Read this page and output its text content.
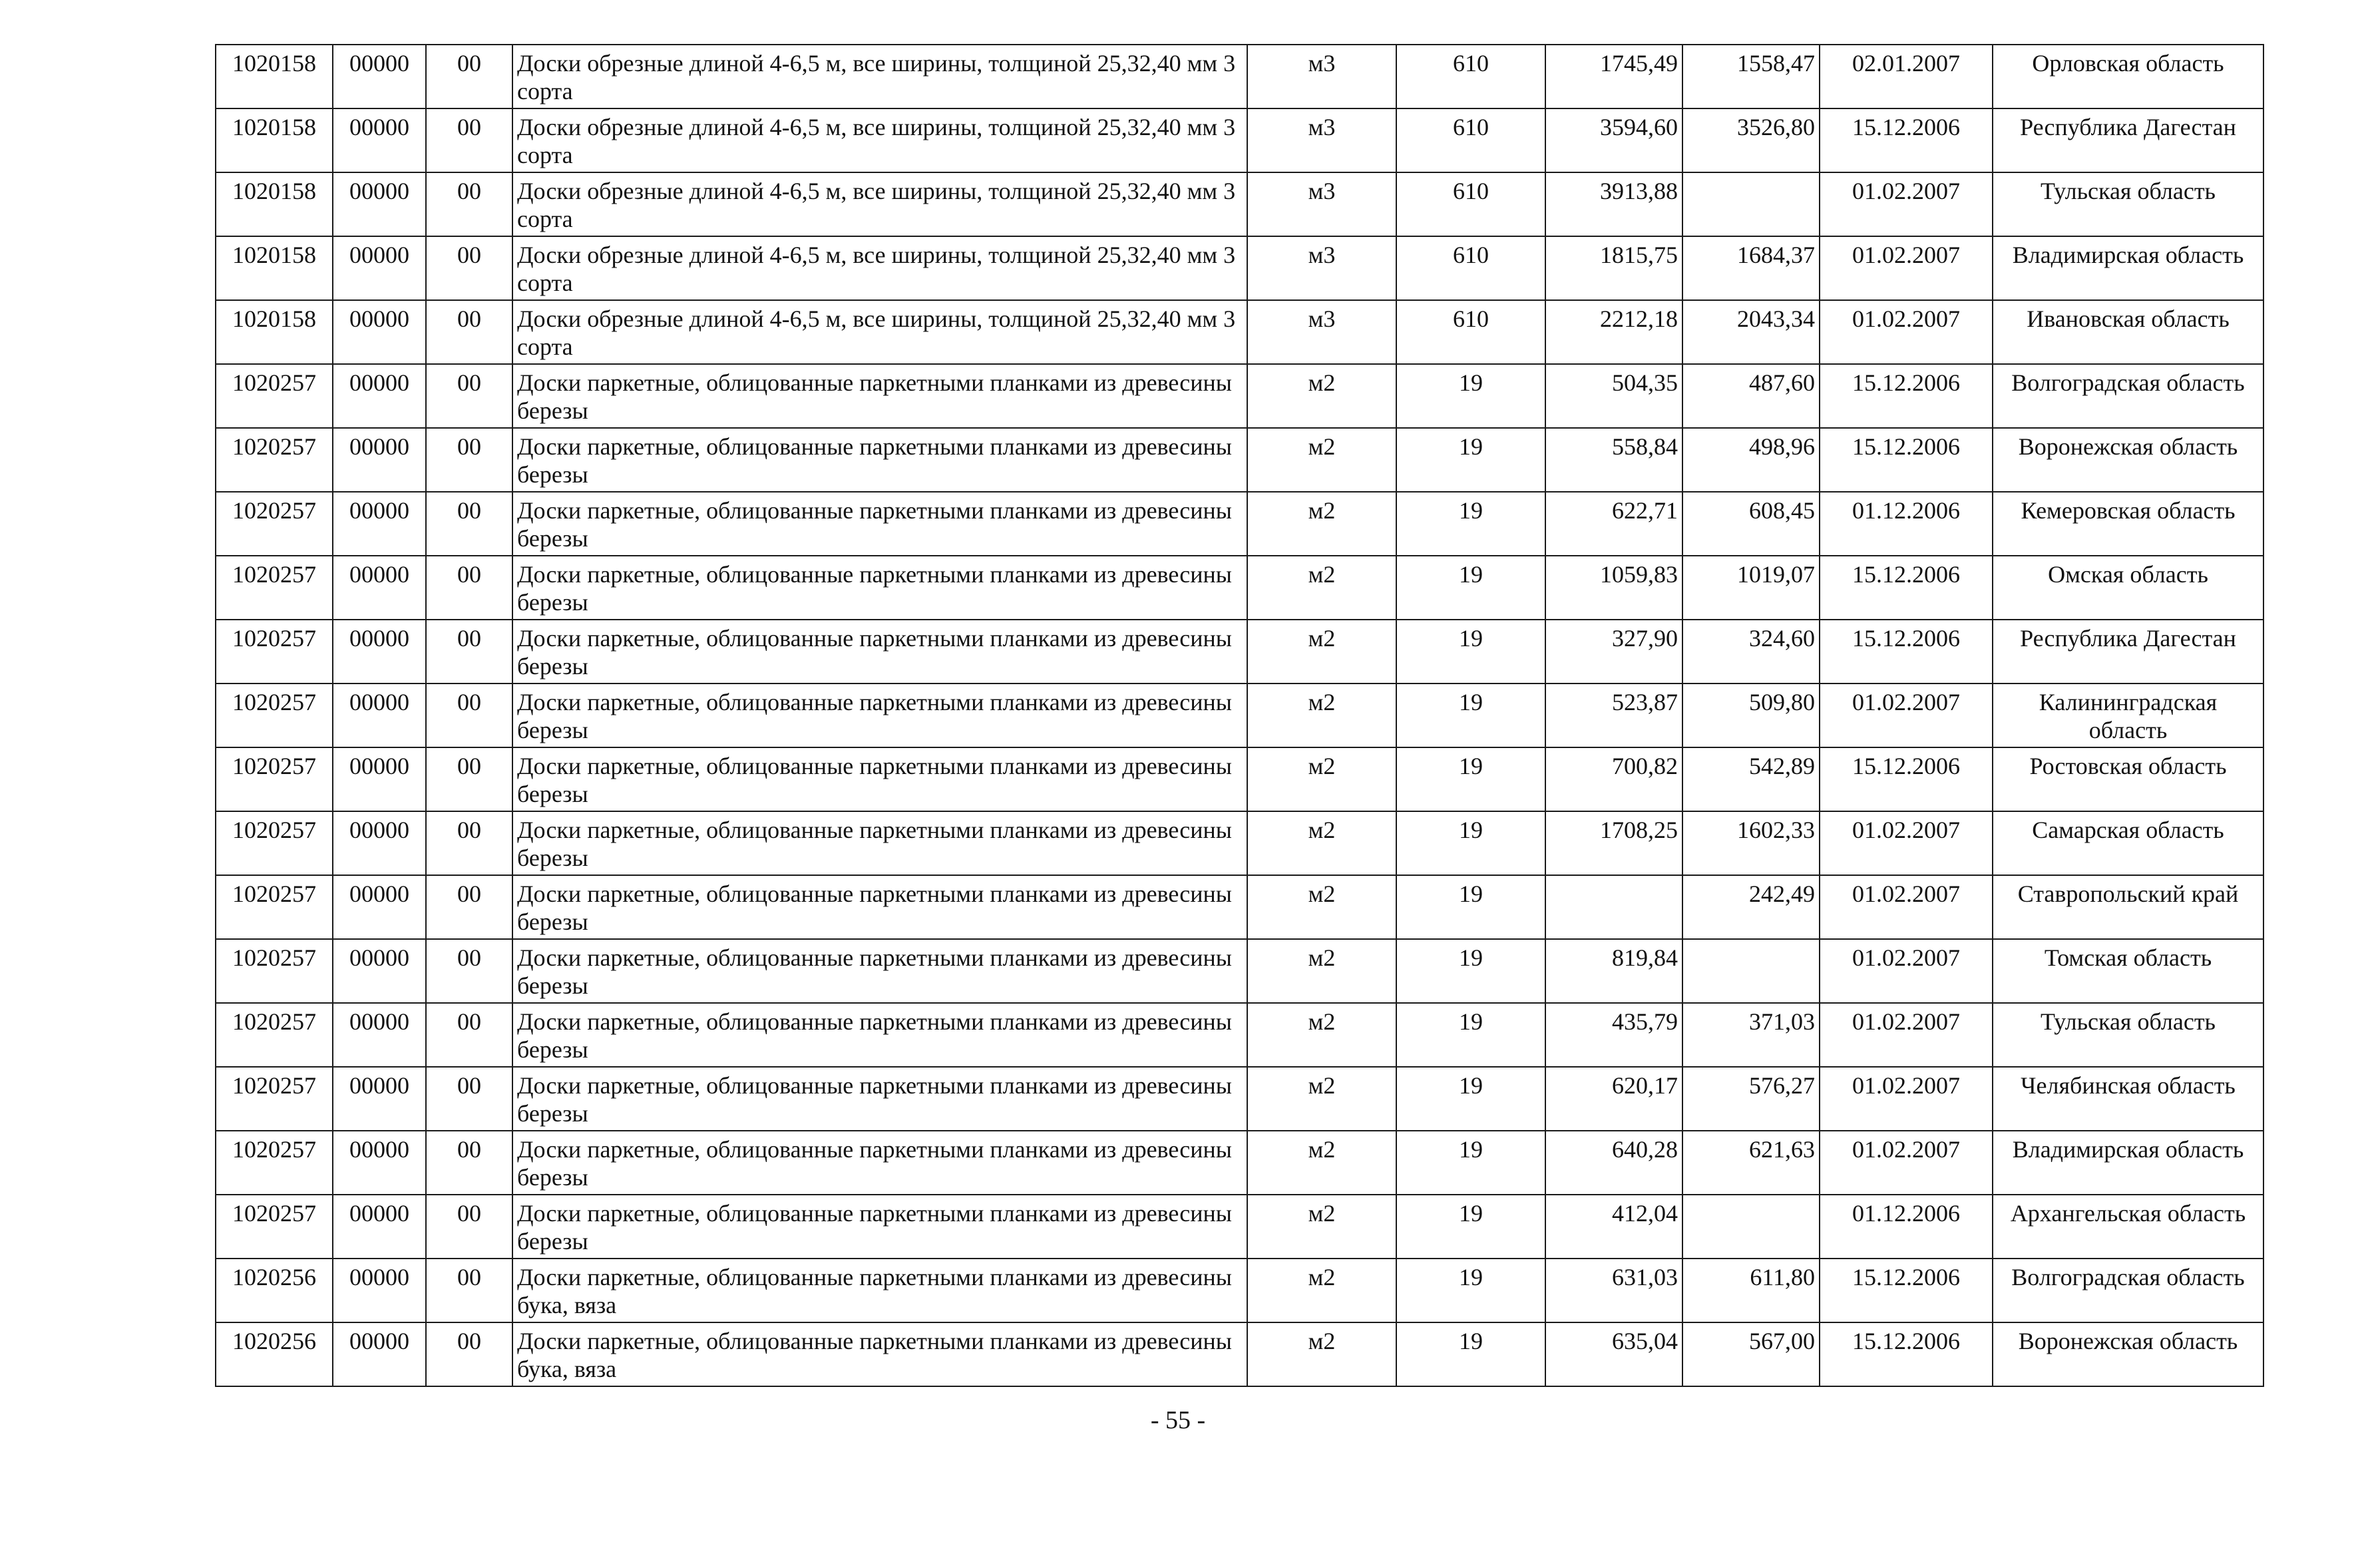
1020158	00000	00	Доски обрезные длиной 4-6,5 м, все ширины, толщиной 25,32,40 мм 3 сорта	м3	610	1745,49	1558,47	02.01.2007	Орловская область
1020158	00000	00	Доски обрезные длиной 4-6,5 м, все ширины, толщиной 25,32,40 мм 3 сорта	м3	610	3594,60	3526,80	15.12.2006	Республика Дагестан
1020158	00000	00	Доски обрезные длиной 4-6,5 м, все ширины, толщиной 25,32,40 мм 3 сорта	м3	610	3913,88		01.02.2007	Тульская область
1020158	00000	00	Доски обрезные длиной 4-6,5 м, все ширины, толщиной 25,32,40 мм 3 сорта	м3	610	1815,75	1684,37	01.02.2007	Владимирская область
1020158	00000	00	Доски обрезные длиной 4-6,5 м, все ширины, толщиной 25,32,40 мм 3 сорта	м3	610	2212,18	2043,34	01.02.2007	Ивановская область
1020257	00000	00	Доски паркетные, облицованные паркетными планками из древесины березы	м2	19	504,35	487,60	15.12.2006	Волгоградская область
1020257	00000	00	Доски паркетные, облицованные паркетными планками из древесины березы	м2	19	558,84	498,96	15.12.2006	Воронежская область
1020257	00000	00	Доски паркетные, облицованные паркетными планками из древесины березы	м2	19	622,71	608,45	01.12.2006	Кемеровская область
1020257	00000	00	Доски паркетные, облицованные паркетными планками из древесины березы	м2	19	1059,83	1019,07	15.12.2006	Омская область
1020257	00000	00	Доски паркетные, облицованные паркетными планками из древесины березы	м2	19	327,90	324,60	15.12.2006	Республика Дагестан
1020257	00000	00	Доски паркетные, облицованные паркетными планками из древесины березы	м2	19	523,87	509,80	01.02.2007	Калининградская область
1020257	00000	00	Доски паркетные, облицованные паркетными планками из древесины березы	м2	19	700,82	542,89	15.12.2006	Ростовская область
1020257	00000	00	Доски паркетные, облицованные паркетными планками из древесины березы	м2	19	1708,25	1602,33	01.02.2007	Самарская область
1020257	00000	00	Доски паркетные, облицованные паркетными планками из древесины березы	м2	19		242,49	01.02.2007	Ставропольский край
1020257	00000	00	Доски паркетные, облицованные паркетными планками из древесины березы	м2	19	819,84		01.02.2007	Томская область
1020257	00000	00	Доски паркетные, облицованные паркетными планками из древесины березы	м2	19	435,79	371,03	01.02.2007	Тульская область
1020257	00000	00	Доски паркетные, облицованные паркетными планками из древесины березы	м2	19	620,17	576,27	01.02.2007	Челябинская область
1020257	00000	00	Доски паркетные, облицованные паркетными планками из древесины березы	м2	19	640,28	621,63	01.02.2007	Владимирская область
1020257	00000	00	Доски паркетные, облицованные паркетными планками из древесины березы	м2	19	412,04		01.12.2006	Архангельская область
1020256	00000	00	Доски паркетные, облицованные паркетными планками из древесины бука, вяза	м2	19	631,03	611,80	15.12.2006	Волгоградская область
1020256	00000	00	Доски паркетные, облицованные паркетными планками из древесины бука, вяза	м2	19	635,04	567,00	15.12.2006	Воронежская область
- 55 -
